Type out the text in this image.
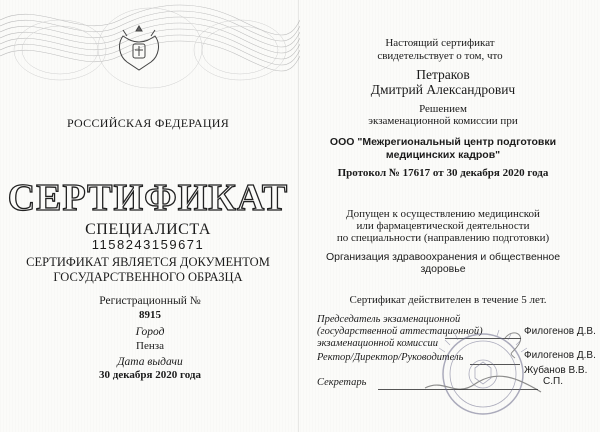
РОССИЙСКАЯ ФЕДЕРАЦИЯ
СЕРТИФИКАТ
СПЕЦИАЛИСТА
1158243159671
СЕРТИФИКАТ ЯВЛЯЕТСЯ ДОКУМЕНТОМ
ГОСУДАРСТВЕННОГО ОБРАЗЦА
Регистрационный №
8915
Город
Пенза
Дата выдачи
30 декабря 2020 года
Настоящий сертификат
свидетельствует о том, что
Петраков
Дмитрий Александрович
Решением
экзаменационной комиссии при
ООО "Межрегиональный центр подготовки
медицинских кадров"
Протокол № 17617 от 30 декабря 2020 года
Допущен к осуществлению медицинской
или фармацевтической деятельности
по специальности (направлению подготовки)
Организация здравоохранения и общественное
здоровье
Сертификат действителен в течение 5 лет.
Председатель экзаменационной
(государственной аттестационной)
экзаменационной комиссии
Ректор/Директор/Руководитель
Секретарь
Филогенов Д.В.
Филогенов Д.В.
Жубанов В.В.
С.П.
